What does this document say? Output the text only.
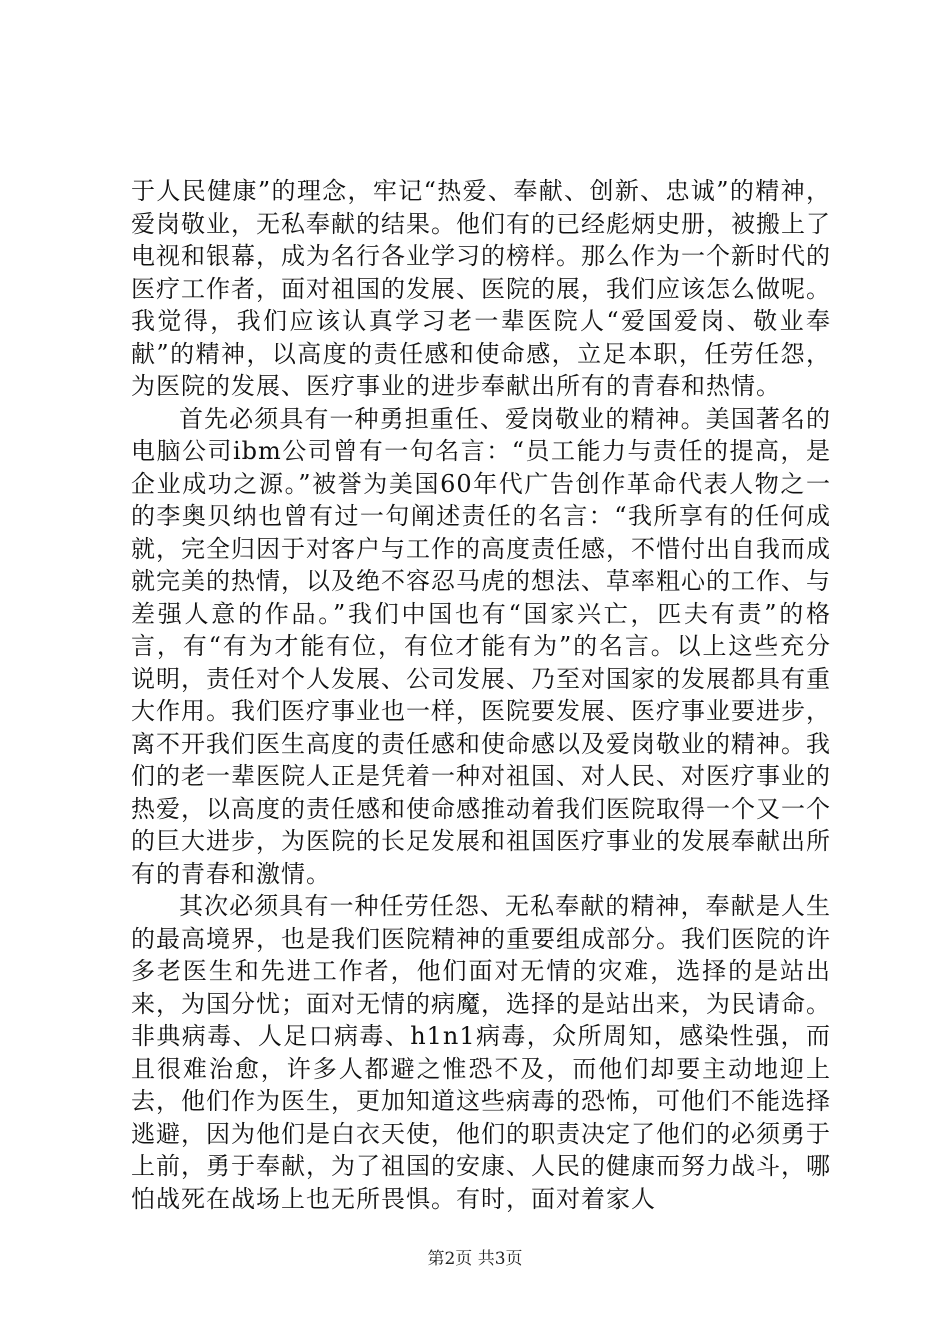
于人民健康”的理念，牢记“热爱、奉献、创新、忠诚”的精神，爱岗敬业，无私奉献的结果。他们有的已经彪炳史册，被搬上了电视和银幕，成为名行各业学习的榜样。那么作为一个新时代的医疗工作者，面对祖国的发展、医院的展，我们应该怎么做呢。我觉得，我们应该认真学习老一辈医院人“爱国爱岗、敬业奉献”的精神，以高度的责任感和使命感，立足本职，任劳任怨，为医院的发展、医疗事业的进步奉献出所有的青春和热情。

首先必须具有一种勇担重任、爱岗敬业的精神。美国著名的电脑公司ibm公司曾有一句名言：“员工能力与责任的提高，是企业成功之源。”被誉为美国60年代广告创作革命代表人物之一的李奥贝纳也曾有过一句阐述责任的名言：“我所享有的任何成就，完全归因于对客户与工作的高度责任感，不惜付出自我而成就完美的热情，以及绝不容忍马虎的想法、草率粗心的工作、与差强人意的作品。”我们中国也有“国家兴亡，匹夫有责”的格言，有“有为才能有位，有位才能有为”的名言。以上这些充分说明，责任对个人发展、公司发展、乃至对国家的发展都具有重大作用。我们医疗事业也一样，医院要发展、医疗事业要进步，离不开我们医生高度的责任感和使命感以及爱岗敬业的精神。我们的老一辈医院人正是凭着一种对祖国、对人民、对医疗事业的热爱，以高度的责任感和使命感推动着我们医院取得一个又一个的巨大进步，为医院的长足发展和祖国医疗事业的发展奉献出所有的青春和激情。

其次必须具有一种任劳任怨、无私奉献的精神，奉献是人生的最高境界，也是我们医院精神的重要组成部分。我们医院的许多老医生和先进工作者，他们面对无情的灾难，选择的是站出来，为国分忧；面对无情的病魔，选择的是站出来，为民请命。非典病毒、人足口病毒、h1n1病毒，众所周知，感染性强，而且很难治愈，许多人都避之惟恐不及，而他们却要主动地迎上去，他们作为医生，更加知道这些病毒的恐怖，可他们不能选择逃避，因为他们是白衣天使，他们的职责决定了他们的必须勇于上前，勇于奉献，为了祖国的安康、人民的健康而努力战斗，哪怕战死在战场上也无所畏惧。有时，面对着家人

第2页 共3页
